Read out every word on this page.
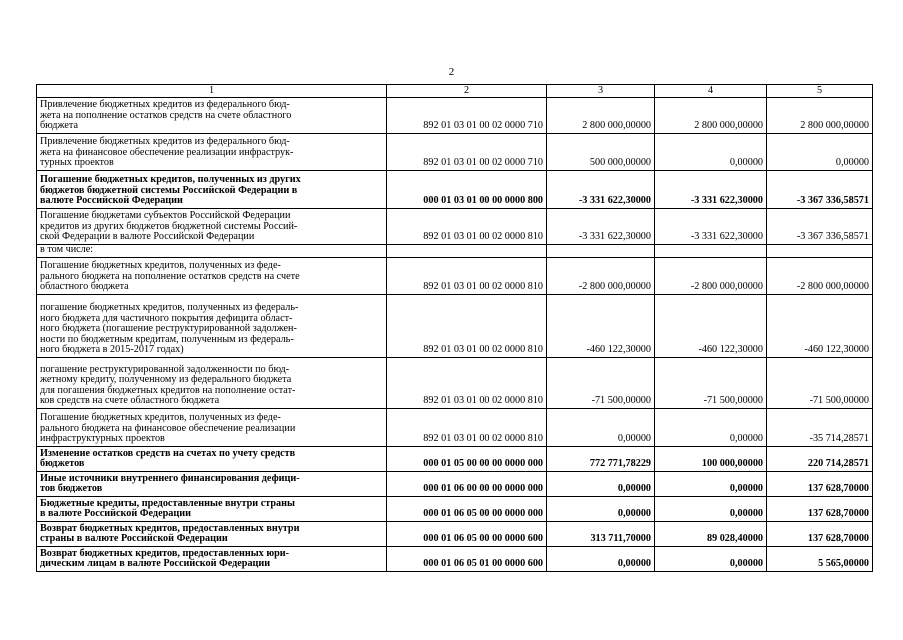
2
1	2	3	4	5

Привлечение бюджетных кредитов из федерального бюд-
жета на пополнение остатков средств на счете областного
бюджета	892 01 03 01 00 02 0000 710	2 800 000,00000	2 800 000,00000	2 800 000,00000

Привлечение бюджетных кредитов из федерального бюд-
жета на финансовое обеспечение реализации инфраструк-
турных проектов	892 01 03 01 00 02 0000 710	500 000,00000	0,00000	0,00000

Погашение бюджетных кредитов, полученных из других
бюджетов бюджетной системы Российской Федерации в
валюте Российской Федерации	000 01 03 01 00 00 0000 800	-3 331 622,30000	-3 331 622,30000	-3 367 336,58571

Погашение бюджетами субъектов Российской Федерации
кредитов из других бюджетов бюджетной системы Россий-
ской Федерации в валюте Российской Федерации	892 01 03 01 00 02 0000 810	-3 331 622,30000	-3 331 622,30000	-3 367 336,58571

в том числе:				

Погашение бюджетных кредитов, полученных из феде-
рального бюджета на пополнение остатков средств на счете
областного бюджета	892 01 03 01 00 02 0000 810	-2 800 000,00000	-2 800 000,00000	-2 800 000,00000

погашение бюджетных кредитов, полученных из федераль-
ного бюджета для частичного покрытия дефицита област-
ного бюджета (погашение реструктурированной задолжен-
ности по бюджетным кредитам, полученным из федераль-
ного бюджета в 2015-2017 годах)	892 01 03 01 00 02 0000 810	-460 122,30000	-460 122,30000	-460 122,30000

погашение реструктурированной задолженности по бюд-
жетному кредиту, полученному из федерального бюджета
для погашения бюджетных кредитов на пополнение остат-
ков средств на счете областного бюджета	892 01 03 01 00 02 0000 810	-71 500,00000	-71 500,00000	-71 500,00000

Погашение бюджетных кредитов, полученных из феде-
рального бюджета на финансовое обеспечение реализации
инфраструктурных проектов	892 01 03 01 00 02 0000 810	0,00000	0,00000	-35 714,28571

Изменение остатков средств на счетах по учету средств
бюджетов	000 01 05 00 00 00 0000 000	772 771,78229	100 000,00000	220 714,28571

Иные источники внутреннего финансирования дефици-
тов бюджетов	000 01 06 00 00 00 0000 000	0,00000	0,00000	137 628,70000

Бюджетные кредиты, предоставленные внутри страны
в валюте Российской Федерации	000 01 06 05 00 00 0000 000	0,00000	0,00000	137 628,70000

Возврат бюджетных кредитов, предоставленных внутри
страны в валюте Российской Федерации	000 01 06 05 00 00 0000 600	313 711,70000	89 028,40000	137 628,70000

Возврат бюджетных кредитов, предоставленных юри-
дическим лицам в валюте Российской Федерации	000 01 06 05 01 00 0000 600	0,00000	0,00000	5 565,00000
